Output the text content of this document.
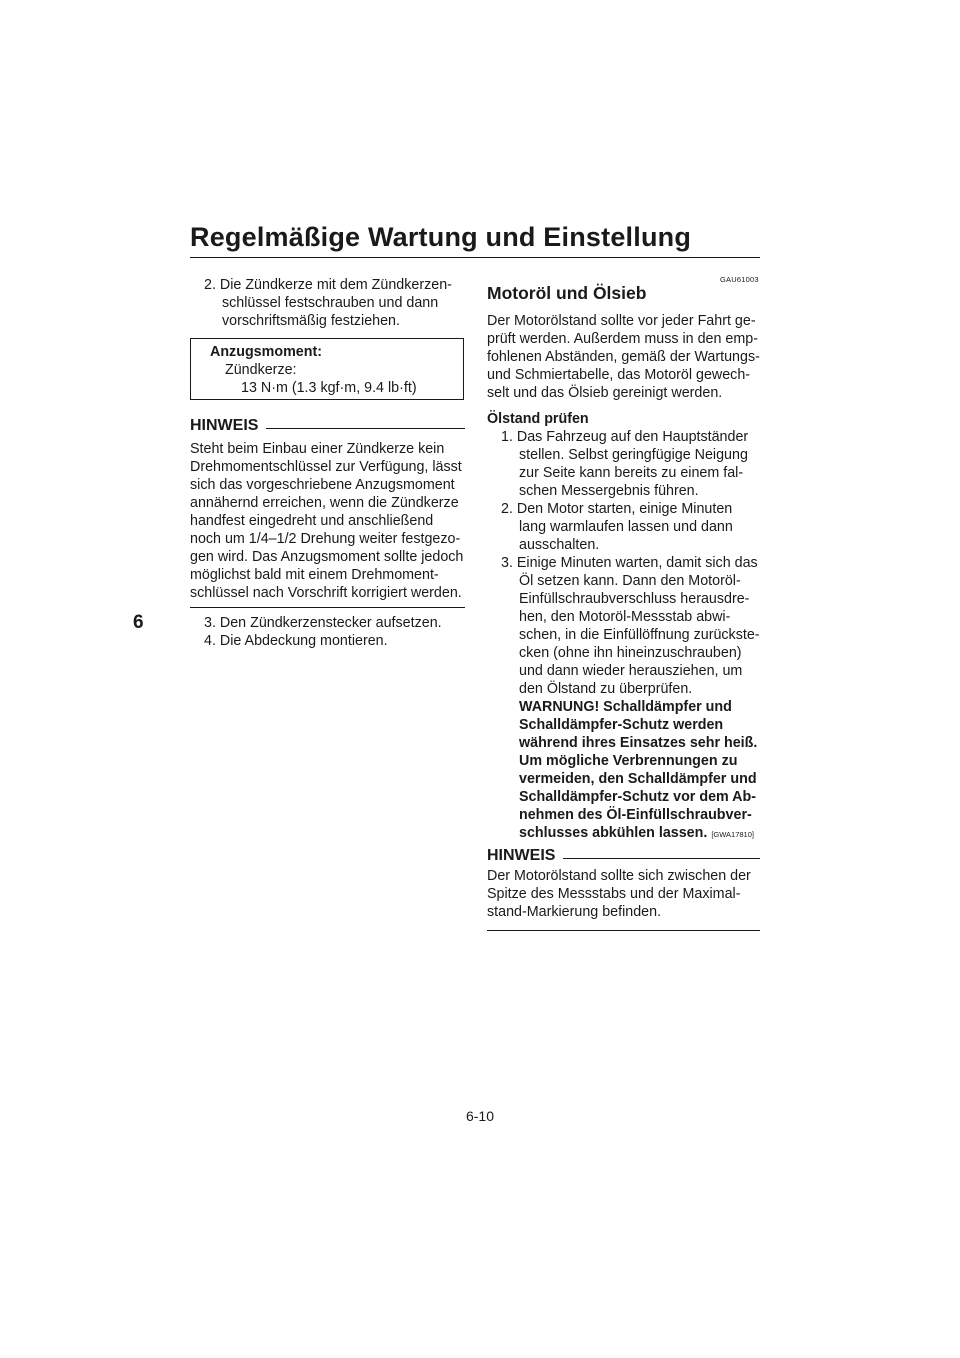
Regelmäßige Wartung und Einstellung
6
2. Die Zündkerze mit dem Zündkerzen-
schlüssel festschrauben und dann
vorschriftsmäßig festziehen.
Anzugsmoment:
Zündkerze:
13 N·m (1.3 kgf·m, 9.4 lb·ft)
HINWEIS
Steht beim Einbau einer Zündkerze kein
Drehmomentschlüssel zur Verfügung, lässt
sich das vorgeschriebene Anzugsmoment
annähernd erreichen, wenn die Zündkerze
handfest eingedreht und anschließend
noch um 1/4–1/2 Drehung weiter festgezo-
gen wird. Das Anzugsmoment sollte jedoch
möglichst bald mit einem Drehmoment-
schlüssel nach Vorschrift korrigiert werden.
3. Den Zündkerzenstecker aufsetzen.
4. Die Abdeckung montieren.
GAU61003
Motoröl und Ölsieb
Der Motorölstand sollte vor jeder Fahrt ge-
prüft werden. Außerdem muss in den emp-
fohlenen Abständen, gemäß der Wartungs-
und Schmiertabelle, das Motoröl gewech-
selt und das Ölsieb gereinigt werden.
Ölstand prüfen
1. Das Fahrzeug auf den Hauptständer
stellen. Selbst geringfügige Neigung
zur Seite kann bereits zu einem fal-
schen Messergebnis führen.
2. Den Motor starten, einige Minuten
lang warmlaufen lassen und dann
ausschalten.
3. Einige Minuten warten, damit sich das
Öl setzen kann. Dann den Motoröl-
Einfüllschraubverschluss herausdre-
hen, den Motoröl-Messstab abwi-
schen, in die Einfüllöffnung zurückste-
cken (ohne ihn hineinzuschrauben)
und dann wieder herausziehen, um
den Ölstand zu überprüfen.
WARNUNG! Schalldämpfer und
Schalldämpfer-Schutz werden
während ihres Einsatzes sehr heiß.
Um mögliche Verbrennungen zu
vermeiden, den Schalldämpfer und
Schalldämpfer-Schutz vor dem Ab-
nehmen des Öl-Einfüllschraubver-
schlusses abkühlen lassen. [GWA17810]
HINWEIS
Der Motorölstand sollte sich zwischen der
Spitze des Messstabs und der Maximal-
stand-Markierung befinden.
6-10
